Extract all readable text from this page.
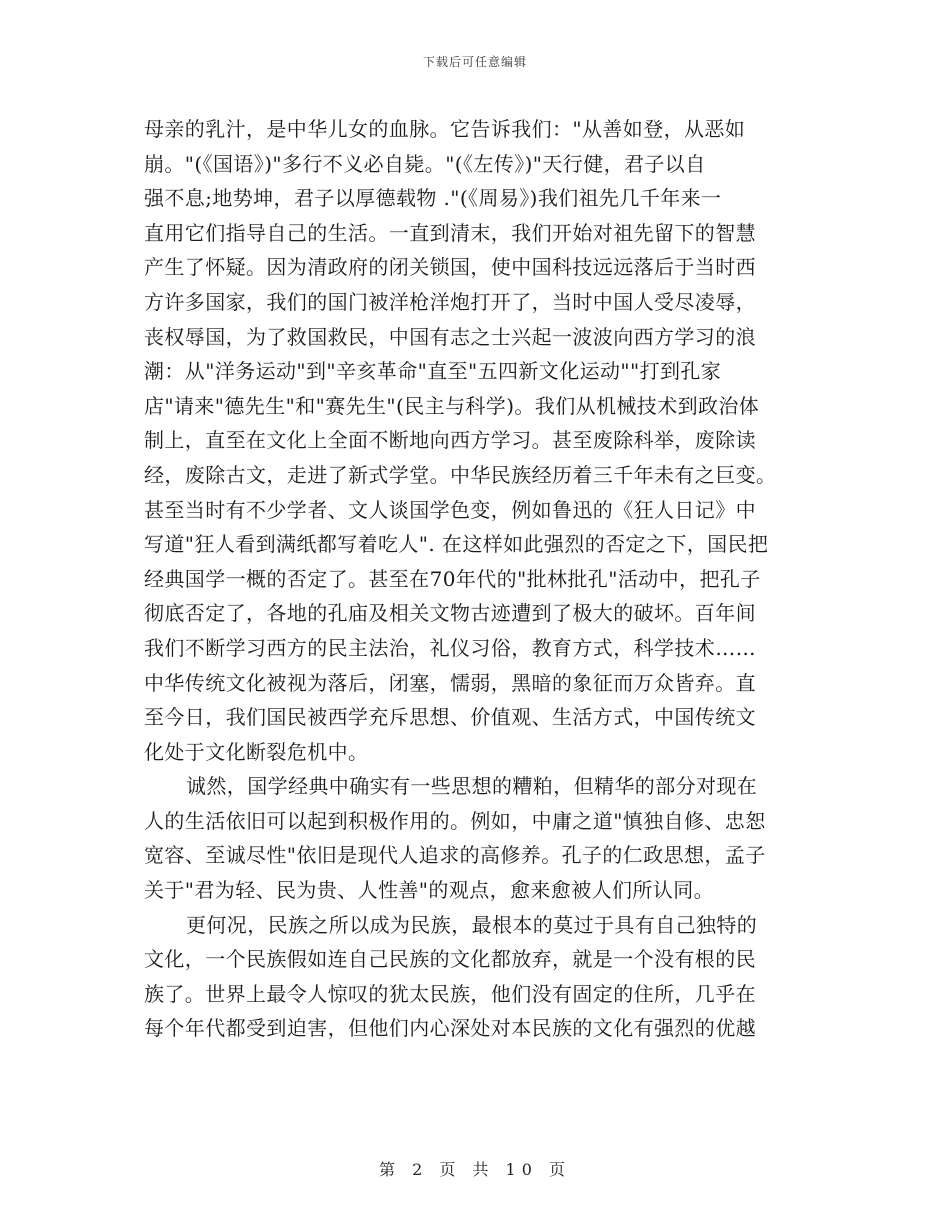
下载后可任意编辑
母亲的乳汁，是中华儿女的血脉。它告诉我们："从善如登，从恶如
崩。"(《国语》)"多行不义必自毙。"(《左传》)"天行健，君子以自
强不息;地势坤，君子以厚德载物 ."(《周易》)我们祖先几千年来一
直用它们指导自己的生活。一直到清末，我们开始对祖先留下的智慧
产生了怀疑。因为清政府的闭关锁国，使中国科技远远落后于当时西
方许多国家，我们的国门被洋枪洋炮打开了，当时中国人受尽凌辱，
丧权辱国，为了救国救民，中国有志之士兴起一波波向西方学习的浪
潮：从"洋务运动"到"辛亥革命"直至"五四新文化运动""打到孔家
店"请来"德先生"和"赛先生"(民主与科学)。我们从机械技术到政治体
制上，直至在文化上全面不断地向西方学习。甚至废除科举，废除读
经，废除古文，走进了新式学堂。中华民族经历着三千年未有之巨变。
甚至当时有不少学者、文人谈国学色变，例如鲁迅的《狂人日记》中
写道"狂人看到满纸都写着吃人". 在这样如此强烈的否定之下，国民把
经典国学一概的否定了。甚至在70年代的"批林批孔"活动中，把孔子
彻底否定了，各地的孔庙及相关文物古迹遭到了极大的破坏。百年间
我们不断学习西方的民主法治，礼仪习俗，教育方式，科学技术……
中华传统文化被视为落后，闭塞，懦弱，黑暗的象征而万众皆弃。直
至今日，我们国民被西学充斥思想、价值观、生活方式，中国传统文
化处于文化断裂危机中。
诚然，国学经典中确实有一些思想的糟粕，但精华的部分对现在
人的生活依旧可以起到积极作用的。例如，中庸之道"慎独自修、忠恕
宽容、至诚尽性"依旧是现代人追求的高修养。孔子的仁政思想，孟子
关于"君为轻、民为贵、人性善"的观点，愈来愈被人们所认同。
更何况，民族之所以成为民族，最根本的莫过于具有自己独特的
文化，一个民族假如连自己民族的文化都放弃，就是一个没有根的民
族了。世界上最令人惊叹的犹太民族，他们没有固定的住所，几乎在
每个年代都受到迫害，但他们内心深处对本民族的文化有强烈的优越
第 2 页 共 10 页
